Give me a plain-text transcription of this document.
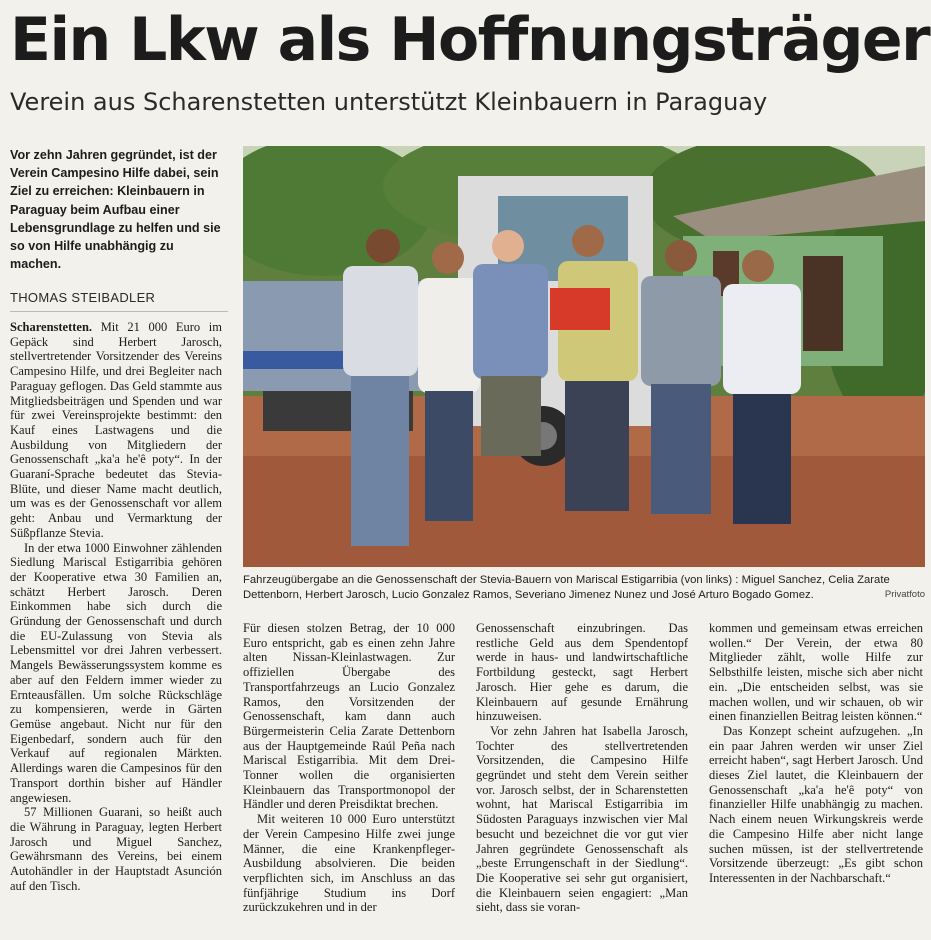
Ein Lkw als Hoffnungsträger
Verein aus Scharenstetten unterstützt Kleinbauern in Paraguay
Vor zehn Jahren gegründet, ist der Verein Campesino Hilfe dabei, sein Ziel zu erreichen: Kleinbauern in Paraguay beim Aufbau einer Lebensgrundlage zu helfen und sie so von Hilfe unabhängig zu machen.
THOMAS STEIBADLER

Scharenstetten. Mit 21 000 Euro im Gepäck sind Herbert Jarosch, stellvertretender Vorsitzender des Vereins Campesino Hilfe, und drei Begleiter nach Paraguay geflogen. Das Geld stammte aus Mitgliedsbeiträgen und Spenden und war für zwei Vereinsprojekte bestimmt: den Kauf eines Lastwagens und die Ausbildung von Mitgliedern der Genossenschaft „ka'a he'ê poty“. In der Guaraní-Sprache bedeutet das Stevia-Blüte, und dieser Name macht deutlich, um was es der Genossenschaft vor allem geht: Anbau und Vermarktung der Süßpflanze Stevia.

In der etwa 1000 Einwohner zählenden Siedlung Mariscal Estigarribia gehören der Kooperative etwa 30 Familien an, schätzt Herbert Jarosch. Deren Einkommen habe sich durch die Gründung der Genossenschaft und durch die EU-Zulassung von Stevia als Lebensmittel vor drei Jahren verbessert. Mangels Bewässerungssystem komme es aber auf den Feldern immer wieder zu Ernteausfällen. Um solche Rückschläge zu kompensieren, werde in Gärten Gemüse angebaut. Nicht nur für den Eigenbedarf, sondern auch für den Verkauf auf regionalen Märkten. Allerdings waren die Campesinos für den Transport dorthin bisher auf Händler angewiesen.

57 Millionen Guarani, so heißt auch die Währung in Paraguay, legten Herbert Jarosch und Miguel Sanchez, Gewährsmann des Vereins, bei einem Autohändler in der Hauptstadt Asunción auf den Tisch.

Fahrzeugübergabe an die Genossenschaft der Stevia-Bauern von Mariscal Estigarribia (von links) : Miguel Sanchez, Celia Zarate Dettenborn, Herbert Jarosch, Lucio Gonzalez Ramos, Severiano Jimenez Nunez und José Arturo Bogado Gomez.	Privatfoto

Für diesen stolzen Betrag, der 10 000 Euro entspricht, gab es einen zehn Jahre alten Nissan-Kleinlastwagen. Zur offiziellen Übergabe des Transportfahrzeugs an Lucio Gonzalez Ramos, den Vorsitzenden der Genossenschaft, kam dann auch Bürgermeisterin Celia Zarate Dettenborn aus der Hauptgemeinde Raúl Peña nach Mariscal Estigarribia. Mit dem Drei-Tonner wollen die organisierten Kleinbauern das Transportmonopol der Händler und deren Preisdiktat brechen.

Mit weiteren 10 000 Euro unterstützt der Verein Campesino Hilfe zwei junge Männer, die eine Krankenpfleger-Ausbildung absolvieren. Die beiden verpflichten sich, im Anschluss an das fünfjährige Studium ins Dorf zurückzukehren und in der

Genossenschaft einzubringen. Das restliche Geld aus dem Spendentopf werde in haus- und landwirtschaftliche Fortbildung gesteckt, sagt Herbert Jarosch. Hier gehe es darum, die Kleinbauern auf gesunde Ernährung hinzuweisen.

Vor zehn Jahren hat Isabella Jarosch, Tochter des stellvertretenden Vorsitzenden, die Campesino Hilfe gegründet und steht dem Verein seither vor. Jarosch selbst, der in Scharenstetten wohnt, hat Mariscal Estigarribia im Südosten Paraguays inzwischen vier Mal besucht und bezeichnet die vor gut vier Jahren gegründete Genossenschaft als „beste Errungenschaft in der Siedlung“. Die Kooperative sei sehr gut organisiert, die Kleinbauern seien engagiert: „Man sieht, dass sie voran-

kommen und gemeinsam etwas erreichen wollen.“ Der Verein, der etwa 80 Mitglieder zählt, wolle Hilfe zur Selbsthilfe leisten, mische sich aber nicht ein. „Die entscheiden selbst, was sie machen wollen, und wir schauen, ob wir einen finanziellen Beitrag leisten können.“

Das Konzept scheint aufzugehen. „In ein paar Jahren werden wir unser Ziel erreicht haben“, sagt Herbert Jarosch. Und dieses Ziel lautet, die Kleinbauern der Genossenschaft „ka'a he'ê poty“ von finanzieller Hilfe unabhängig zu machen. Nach einem neuen Wirkungskreis werde die Campesino Hilfe aber nicht lange suchen müssen, ist der stellvertretende Vorsitzende überzeugt: „Es gibt schon Interessenten in der Nachbarschaft.“
